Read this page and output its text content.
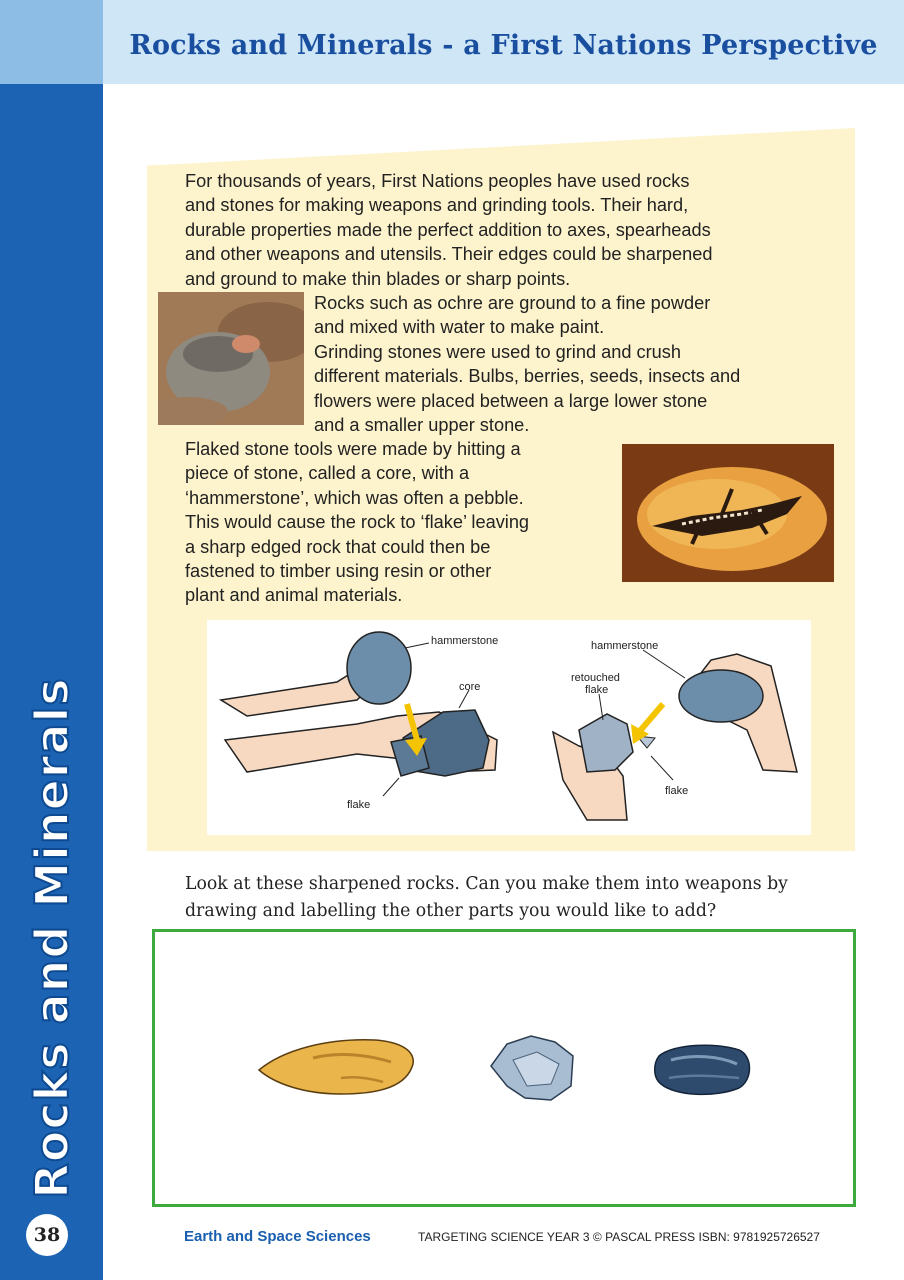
Rocks and Minerals - a First Nations Perspective
Rocks and Minerals
38

For thousands of years, First Nations peoples have used rocks
and stones for making weapons and grinding tools. Their hard,
durable properties made the perfect addition to axes, spearheads
and other weapons and utensils. Their edges could be sharpened
and ground to make thin blades or sharp points.

Rocks such as ochre are ground to a fine powder
and mixed with water to make paint.
Grinding stones were used to grind and crush
different materials. Bulbs, berries, seeds, insects and
flowers were placed between a large lower stone
and a smaller upper stone.

Flaked stone tools were made by hitting a
piece of stone, called a core, with a
‘hammerstone’, which was often a pebble.
This would cause the rock to ‘flake’ leaving
a sharp edged rock that could then be
fastened to timber using resin or other
plant and animal materials.

hammerstone
core
flake
hammerstone
retouched
flake
flake

Look at these sharpened rocks. Can you make them into weapons by
drawing and labelling the other parts you would like to add?

Earth and Space Sciences	TARGETING SCIENCE YEAR 3 © PASCAL PRESS ISBN: 9781925726527
